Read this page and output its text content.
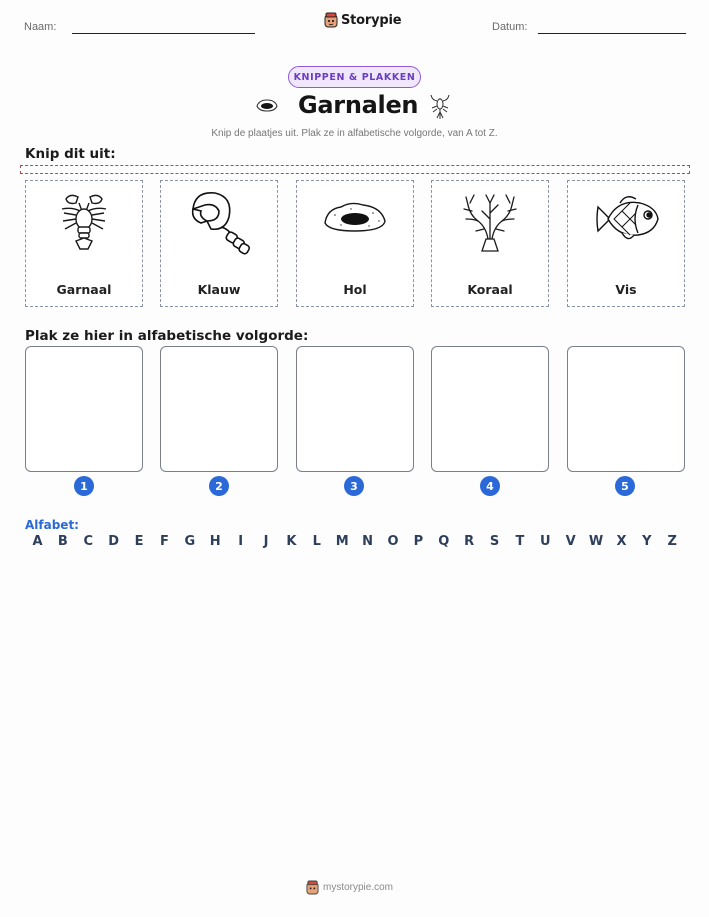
Naam:	Storypie	Datum:
KNIPPEN & PLAKKEN
Garnalen
Knip de plaatjes uit. Plak ze in alfabetische volgorde, van A tot Z.
Knip dit uit:
Garnaal	Klauw	Hol	Koraal	Vis
Plak ze hier in alfabetische volgorde:
1	2	3	4	5
Alfabet:
A	B	C	D	E	F	G	H	I	J	K	L	M	N	O	P	Q	R	S	T	U	V	W	X	Y	Z
mystorypie.com
